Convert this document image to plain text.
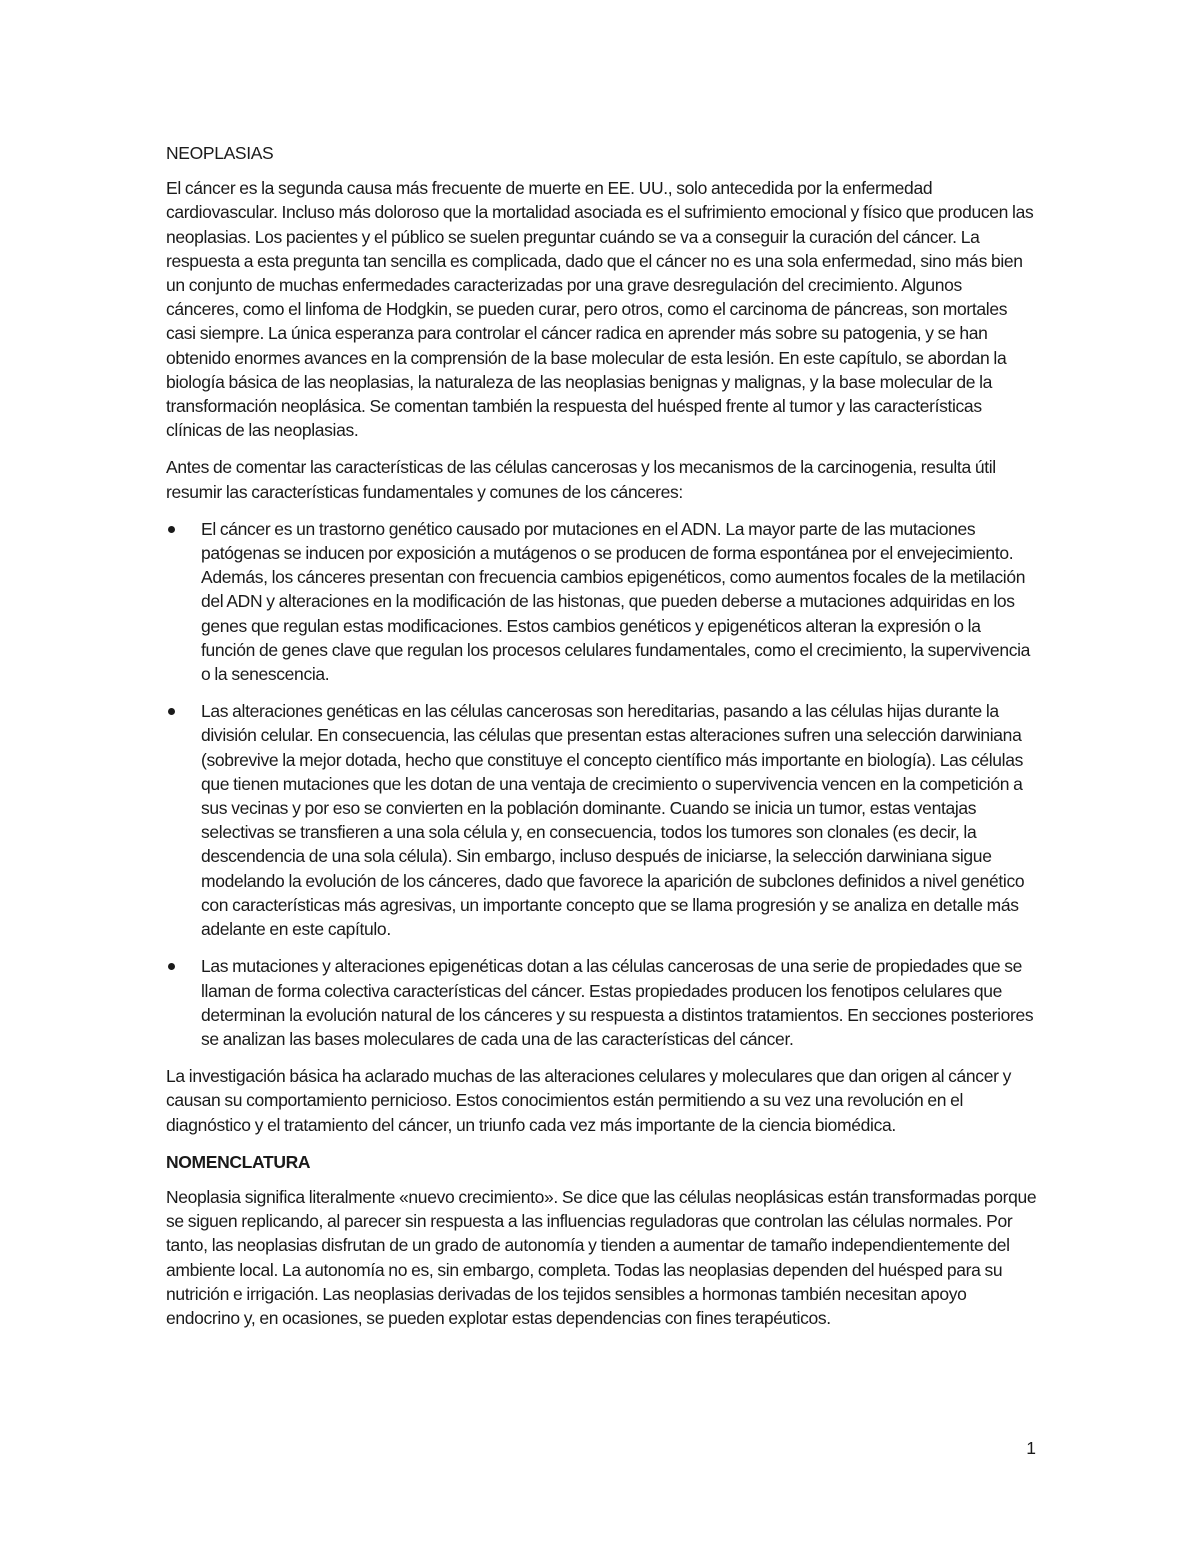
NEOPLASIAS

El cáncer es la segunda causa más frecuente de muerte en EE. UU., solo antecedida por la enfermedad cardiovascular. Incluso más doloroso que la mortalidad asociada es el sufrimiento emocional y físico que producen las neoplasias. Los pacientes y el público se suelen preguntar cuándo se va a conseguir la curación del cáncer. La respuesta a esta pregunta tan sencilla es complicada, dado que el cáncer no es una sola enfermedad, sino más bien un conjunto de muchas enfermedades caracterizadas por una grave desregulación del crecimiento. Algunos cánceres, como el linfoma de Hodgkin, se pueden curar, pero otros, como el carcinoma de páncreas, son mortales casi siempre. La única esperanza para controlar el cáncer radica en aprender más sobre su patogenia, y se han obtenido enormes avances en la comprensión de la base molecular de esta lesión. En este capítulo, se abordan la biología básica de las neoplasias, la naturaleza de las neoplasias benignas y malignas, y la base molecular de la transformación neoplásica. Se comentan también la respuesta del huésped frente al tumor y las características clínicas de las neoplasias.

Antes de comentar las características de las células cancerosas y los mecanismos de la carcinogenia, resulta útil resumir las características fundamentales y comunes de los cánceres:

El cáncer es un trastorno genético causado por mutaciones en el ADN. La mayor parte de las mutaciones patógenas se inducen por exposición a mutágenos o se producen de forma espontánea por el envejecimiento. Además, los cánceres presentan con frecuencia cambios epigenéticos, como aumentos focales de la metilación del ADN y alteraciones en la modificación de las histonas, que pueden deberse a mutaciones adquiridas en los genes que regulan estas modificaciones. Estos cambios genéticos y epigenéticos alteran la expresión o la función de genes clave que regulan los procesos celulares fundamentales, como el crecimiento, la supervivencia o la senescencia.
Las alteraciones genéticas en las células cancerosas son hereditarias, pasando a las células hijas durante la división celular. En consecuencia, las células que presentan estas alteraciones sufren una selección darwiniana (sobrevive la mejor dotada, hecho que constituye el concepto científico más importante en biología). Las células que tienen mutaciones que les dotan de una ventaja de crecimiento o supervivencia vencen en la competición a sus vecinas y por eso se convierten en la población dominante. Cuando se inicia un tumor, estas ventajas selectivas se transfieren a una sola célula y, en consecuencia, todos los tumores son clonales (es decir, la descendencia de una sola célula). Sin embargo, incluso después de iniciarse, la selección darwiniana sigue modelando la evolución de los cánceres, dado que favorece la aparición de subclones definidos a nivel genético con características más agresivas, un importante concepto que se llama progresión y se analiza en detalle más adelante en este capítulo.
Las mutaciones y alteraciones epigenéticas dotan a las células cancerosas de una serie de propiedades que se llaman de forma colectiva características del cáncer. Estas propiedades producen los fenotipos celulares que determinan la evolución natural de los cánceres y su respuesta a distintos tratamientos. En secciones posteriores se analizan las bases moleculares de cada una de las características del cáncer.

La investigación básica ha aclarado muchas de las alteraciones celulares y moleculares que dan origen al cáncer y causan su comportamiento pernicioso. Estos conocimientos están permitiendo a su vez una revolución en el diagnóstico y el tratamiento del cáncer, un triunfo cada vez más importante de la ciencia biomédica.

NOMENCLATURA

Neoplasia significa literalmente «nuevo crecimiento». Se dice que las células neoplásicas están transformadas porque se siguen replicando, al parecer sin respuesta a las influencias reguladoras que controlan las células normales. Por tanto, las neoplasias disfrutan de un grado de autonomía y tienden a aumentar de tamaño independientemente del ambiente local. La autonomía no es, sin embargo, completa. Todas las neoplasias dependen del huésped para su nutrición e irrigación. Las neoplasias derivadas de los tejidos sensibles a hormonas también necesitan apoyo endocrino y, en ocasiones, se pueden explotar estas dependencias con fines terapéuticos.

1
